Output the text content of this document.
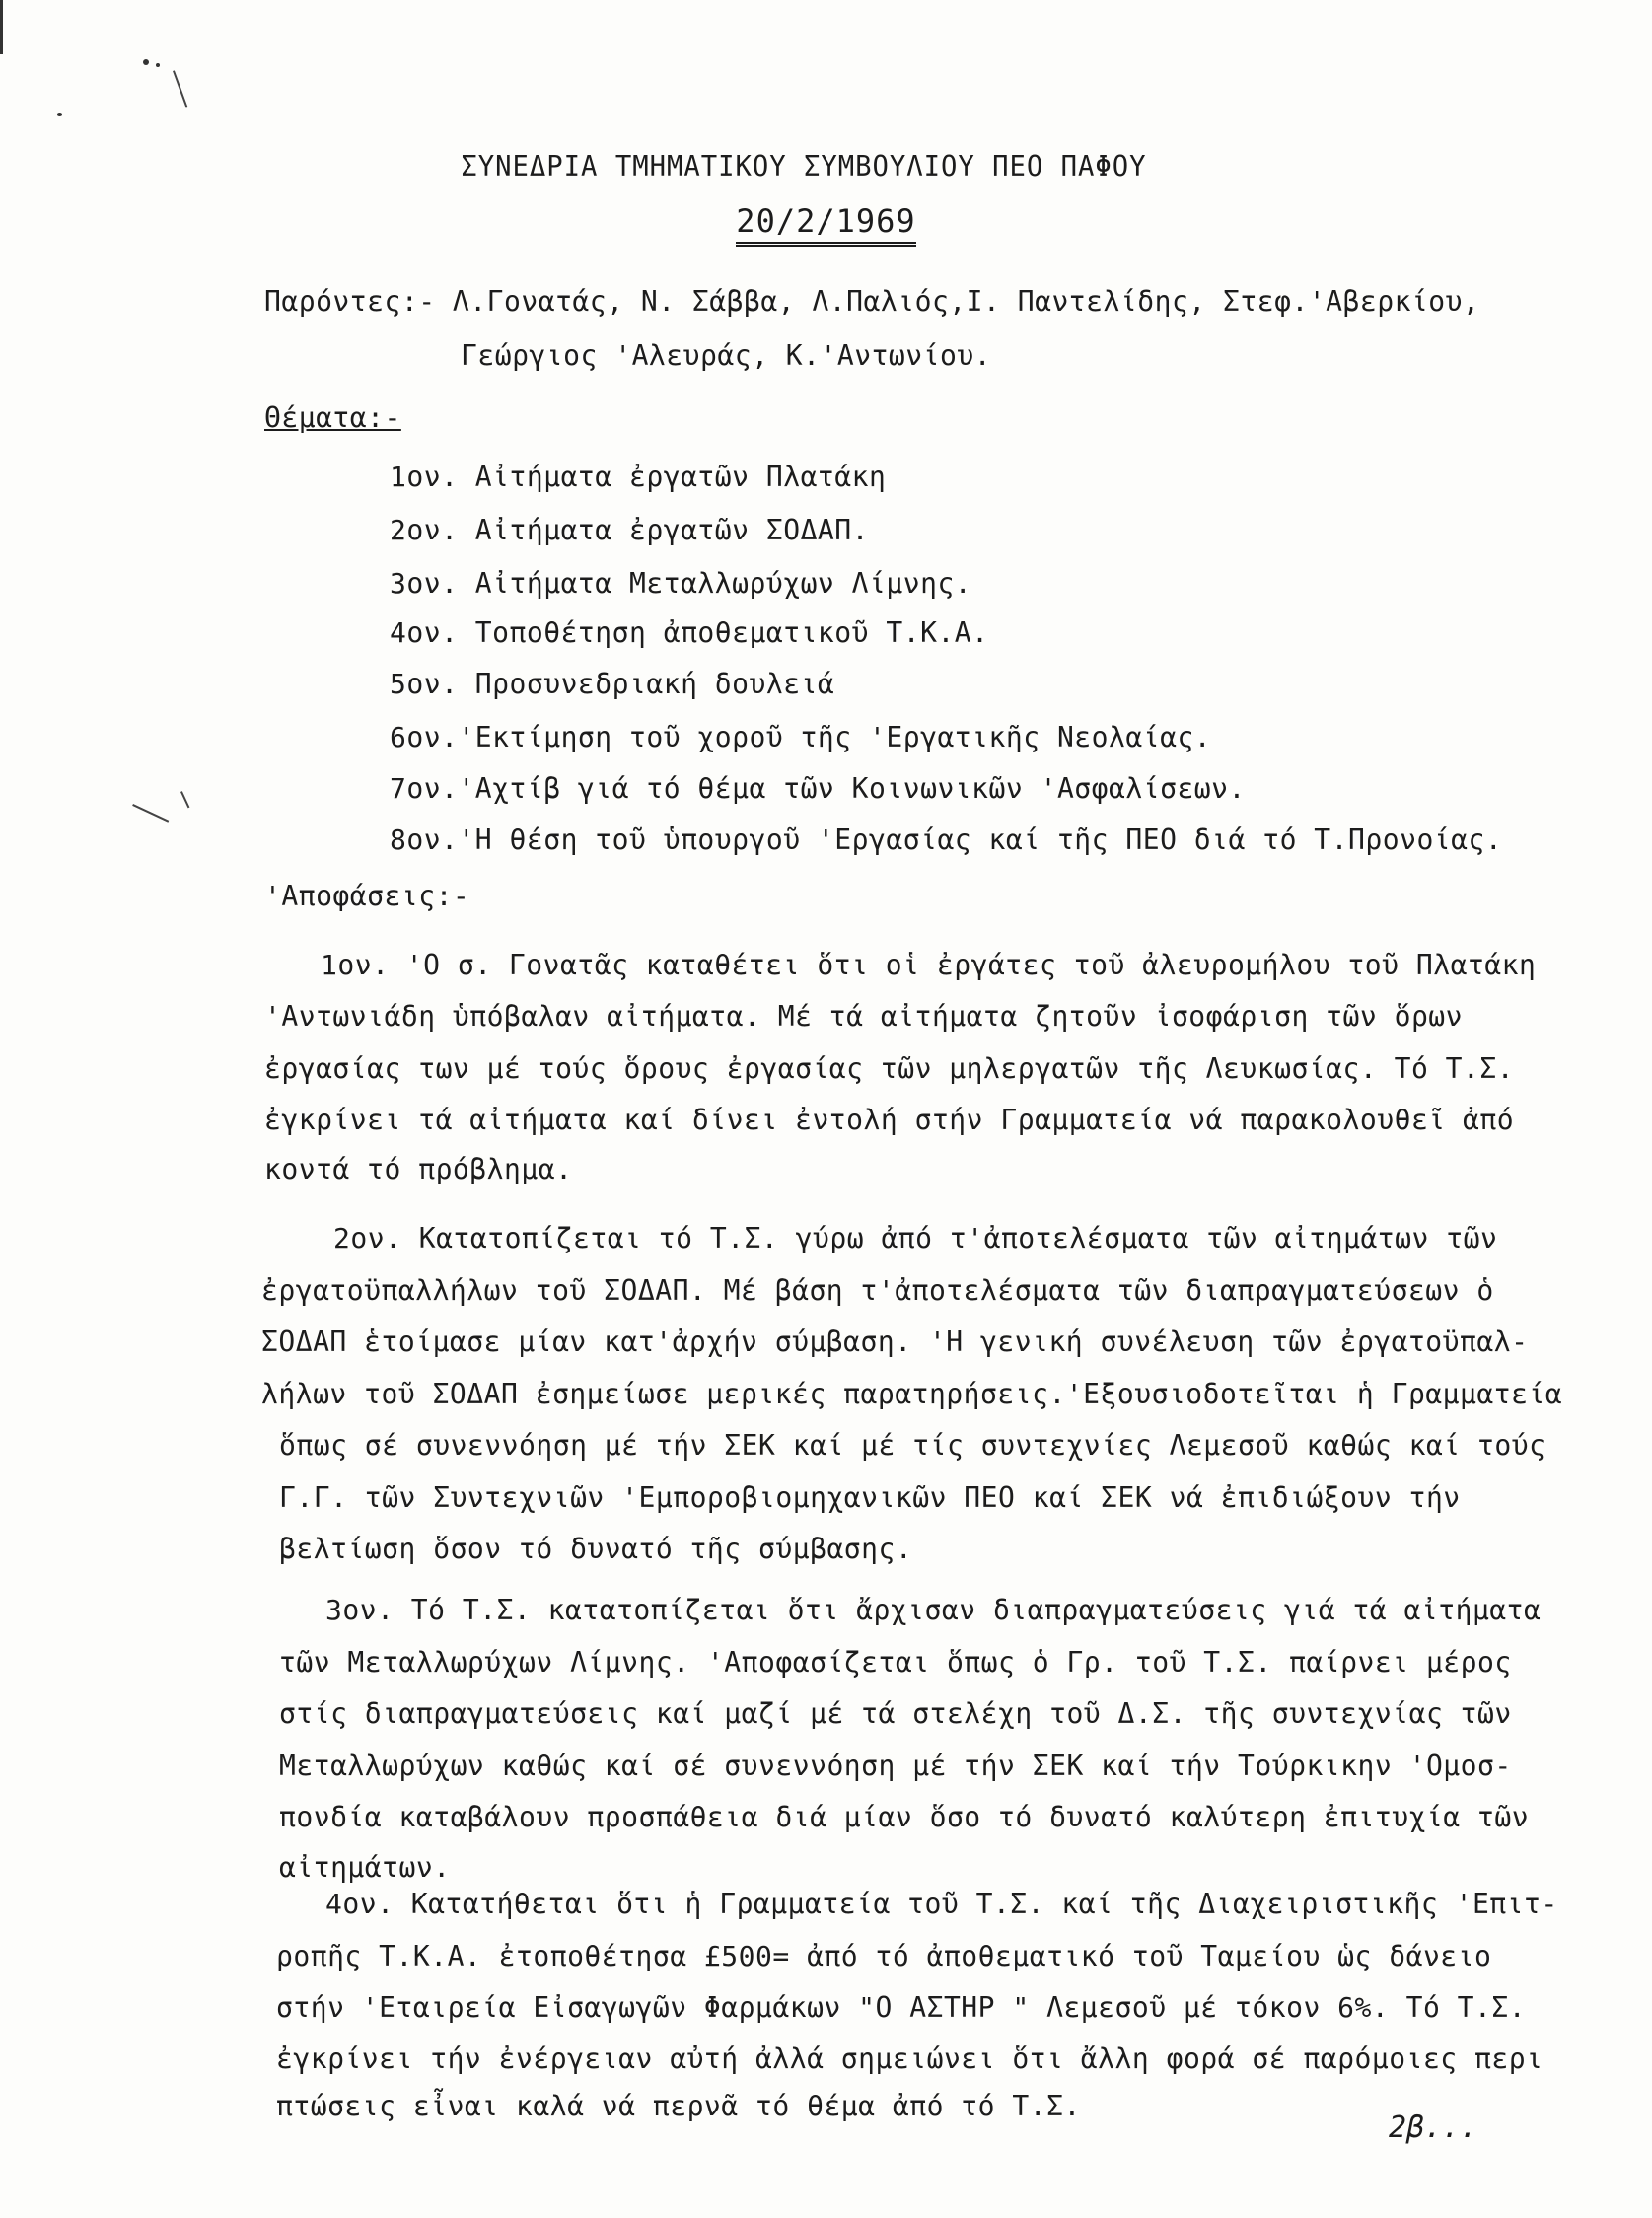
ΣΥΝΕΔΡΙΑ ΤΜΗΜΑΤΙΚΟΥ ΣΥΜΒΟΥΛΙΟΥ ΠΕΟ ΠΑΦΟΥ
20/2/1969
Παρόντες:- Λ.Γονατάς, Ν. Σάββα, Λ.Παλιός,Ι. Παντελίδης, Στεφ.'Αβερκίου,
Γεώργιος 'Αλευράς, Κ.'Αντωνίου.
Θέματα:-
1ον. Αἰτήματα ἐργατῶν Πλατάκη
2ον. Αἰτήματα ἐργατῶν ΣΟΔΑΠ.
3ον. Αἰτήματα Μεταλλωρύχων Λίμνης.
4ον. Τοποθέτηση ἀποθεματικοῦ Τ.Κ.Α.
5ον. Προσυνεδριακή δουλειά
6ον.'Εκτίμηση τοῦ χοροῦ τῆς 'Εργατικῆς Νεολαίας.
7ον.'Αχτίβ γιά τό θέμα τῶν Κοινωνικῶν 'Ασφαλίσεων.
8ον.'Η θέση τοῦ ὑπουργοῦ 'Εργασίας καί τῆς ΠΕΟ διά τό Τ.Προνοίας.
'Αποφάσεις:-
1ον. 'Ο σ. Γονατᾶς καταθέτει ὅτι οἱ ἐργάτες τοῦ ἀλευρομήλου τοῦ Πλατάκη
'Αντωνιάδη ὑπόβαλαν αἰτήματα. Μέ τά αἰτήματα ζητοῦν ἰσοφάριση τῶν ὅρων
ἐργασίας των μέ τούς ὅρους ἐργασίας τῶν μηλεργατῶν τῆς Λευκωσίας. Τό Τ.Σ.
ἐγκρίνει τά αἰτήματα καί δίνει ἐντολή στήν Γραμματεία νά παρακολουθεῖ ἀπό
κοντά τό πρόβλημα.
2ον. Κατατοπίζεται τό Τ.Σ. γύρω ἀπό τ'ἀποτελέσματα τῶν αἰτημάτων τῶν
ἐργατοϋπαλλήλων τοῦ ΣΟΔΑΠ. Μέ βάση τ'ἀποτελέσματα τῶν διαπραγματεύσεων ὁ
ΣΟΔΑΠ ἑτοίμασε μίαν κατ'ἀρχήν σύμβαση. 'Η γενική συνέλευση τῶν ἐργατοϋπαλ-
λήλων τοῦ ΣΟΔΑΠ ἐσημείωσε μερικές παρατηρήσεις.'Εξουσιοδοτεῖται ἡ Γραμματεία
ὅπως σέ συνεννόηση μέ τήν ΣΕΚ καί μέ τίς συντεχνίες Λεμεσοῦ καθώς καί τούς
Γ.Γ. τῶν Συντεχνιῶν 'Εμποροβιομηχανικῶν ΠΕΟ καί ΣΕΚ νά ἐπιδιώξουν τήν
βελτίωση ὅσον τό δυνατό τῆς σύμβασης.
3ον. Τό Τ.Σ. κατατοπίζεται ὅτι ἄρχισαν διαπραγματεύσεις γιά τά αἰτήματα
τῶν Μεταλλωρύχων Λίμνης. 'Αποφασίζεται ὅπως ὁ Γρ. τοῦ Τ.Σ. παίρνει μέρος
στίς διαπραγματεύσεις καί μαζί μέ τά στελέχη τοῦ Δ.Σ. τῆς συντεχνίας τῶν
Μεταλλωρύχων καθώς καί σέ συνεννόηση μέ τήν ΣΕΚ καί τήν Τούρκικην 'Ομοσ-
πονδία καταβάλουν προσπάθεια διά μίαν ὅσο τό δυνατό καλύτερη ἐπιτυχία τῶν
αἰτημάτων.
4ον. Κατατήθεται ὅτι ἡ Γραμματεία τοῦ Τ.Σ. καί τῆς Διαχειριστικῆς 'Επιτ-
ροπῆς Τ.Κ.Α. ἐτοποθέτησα £500= ἀπό τό ἀποθεματικό τοῦ Ταμείου ὡς δάνειο
στήν 'Εταιρεία Εἰσαγωγῶν Φαρμάκων "Ο ΑΣΤΗΡ " Λεμεσοῦ μέ τόκον 6%. Τό Τ.Σ.
ἐγκρίνει τήν ἐνέργειαν αὐτή ἀλλά σημειώνει ὅτι ἄλλη φορά σέ παρόμοιες περι
πτώσεις εἶναι καλά νά περνᾶ τό θέμα ἀπό τό Τ.Σ.
2β...
